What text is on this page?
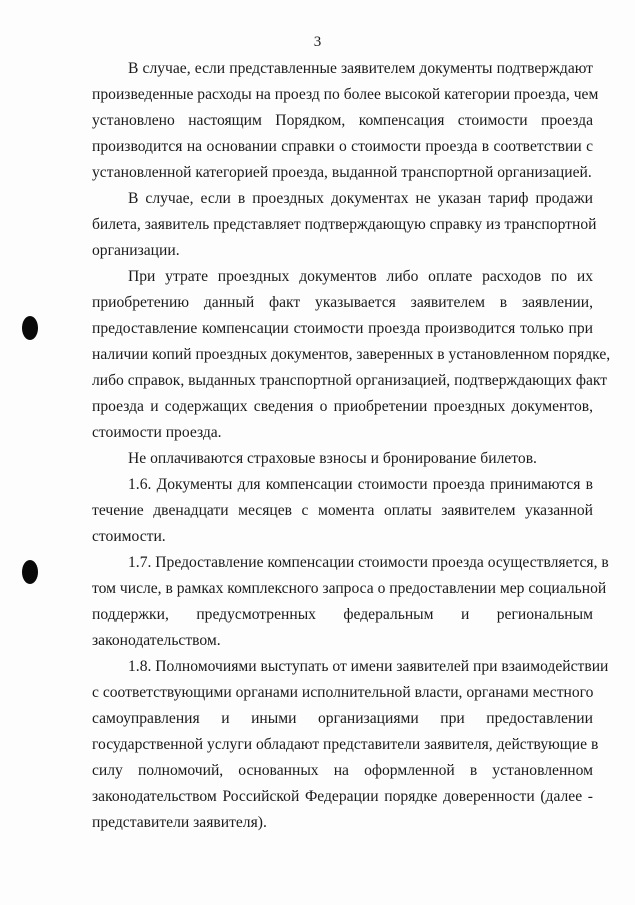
3
В случае, если представленные заявителем документы подтверждают
произведенные расходы на проезд по более высокой категории проезда, чем
установлено настоящим Порядком, компенсация стоимости проезда
производится на основании справки о стоимости проезда в соответствии с
установленной категорией проезда, выданной транспортной организацией.
В случае, если в проездных документах не указан тариф продажи
билета, заявитель представляет подтверждающую справку из транспортной
организации.
При утрате проездных документов либо оплате расходов по их
приобретению данный факт указывается заявителем в заявлении,
предоставление компенсации стоимости проезда производится только при
наличии копий проездных документов, заверенных в установленном порядке,
либо справок, выданных транспортной организацией, подтверждающих факт
проезда и содержащих сведения о приобретении проездных документов,
стоимости проезда.
Не оплачиваются страховые взносы и бронирование билетов.
1.6. Документы для компенсации стоимости проезда принимаются в
течение двенадцати месяцев с момента оплаты заявителем указанной
стоимости.
1.7. Предоставление компенсации стоимости проезда осуществляется, в
том числе, в рамках комплексного запроса о предоставлении мер социальной
поддержки, предусмотренных федеральным и региональным
законодательством.
1.8. Полномочиями выступать от имени заявителей при взаимодействии
с соответствующими органами исполнительной власти, органами местного
самоуправления и иными организациями при предоставлении
государственной услуги обладают представители заявителя, действующие в
силу полномочий, основанных на оформленной в установленном
законодательством Российской Федерации порядке доверенности (далее -
представители заявителя).
